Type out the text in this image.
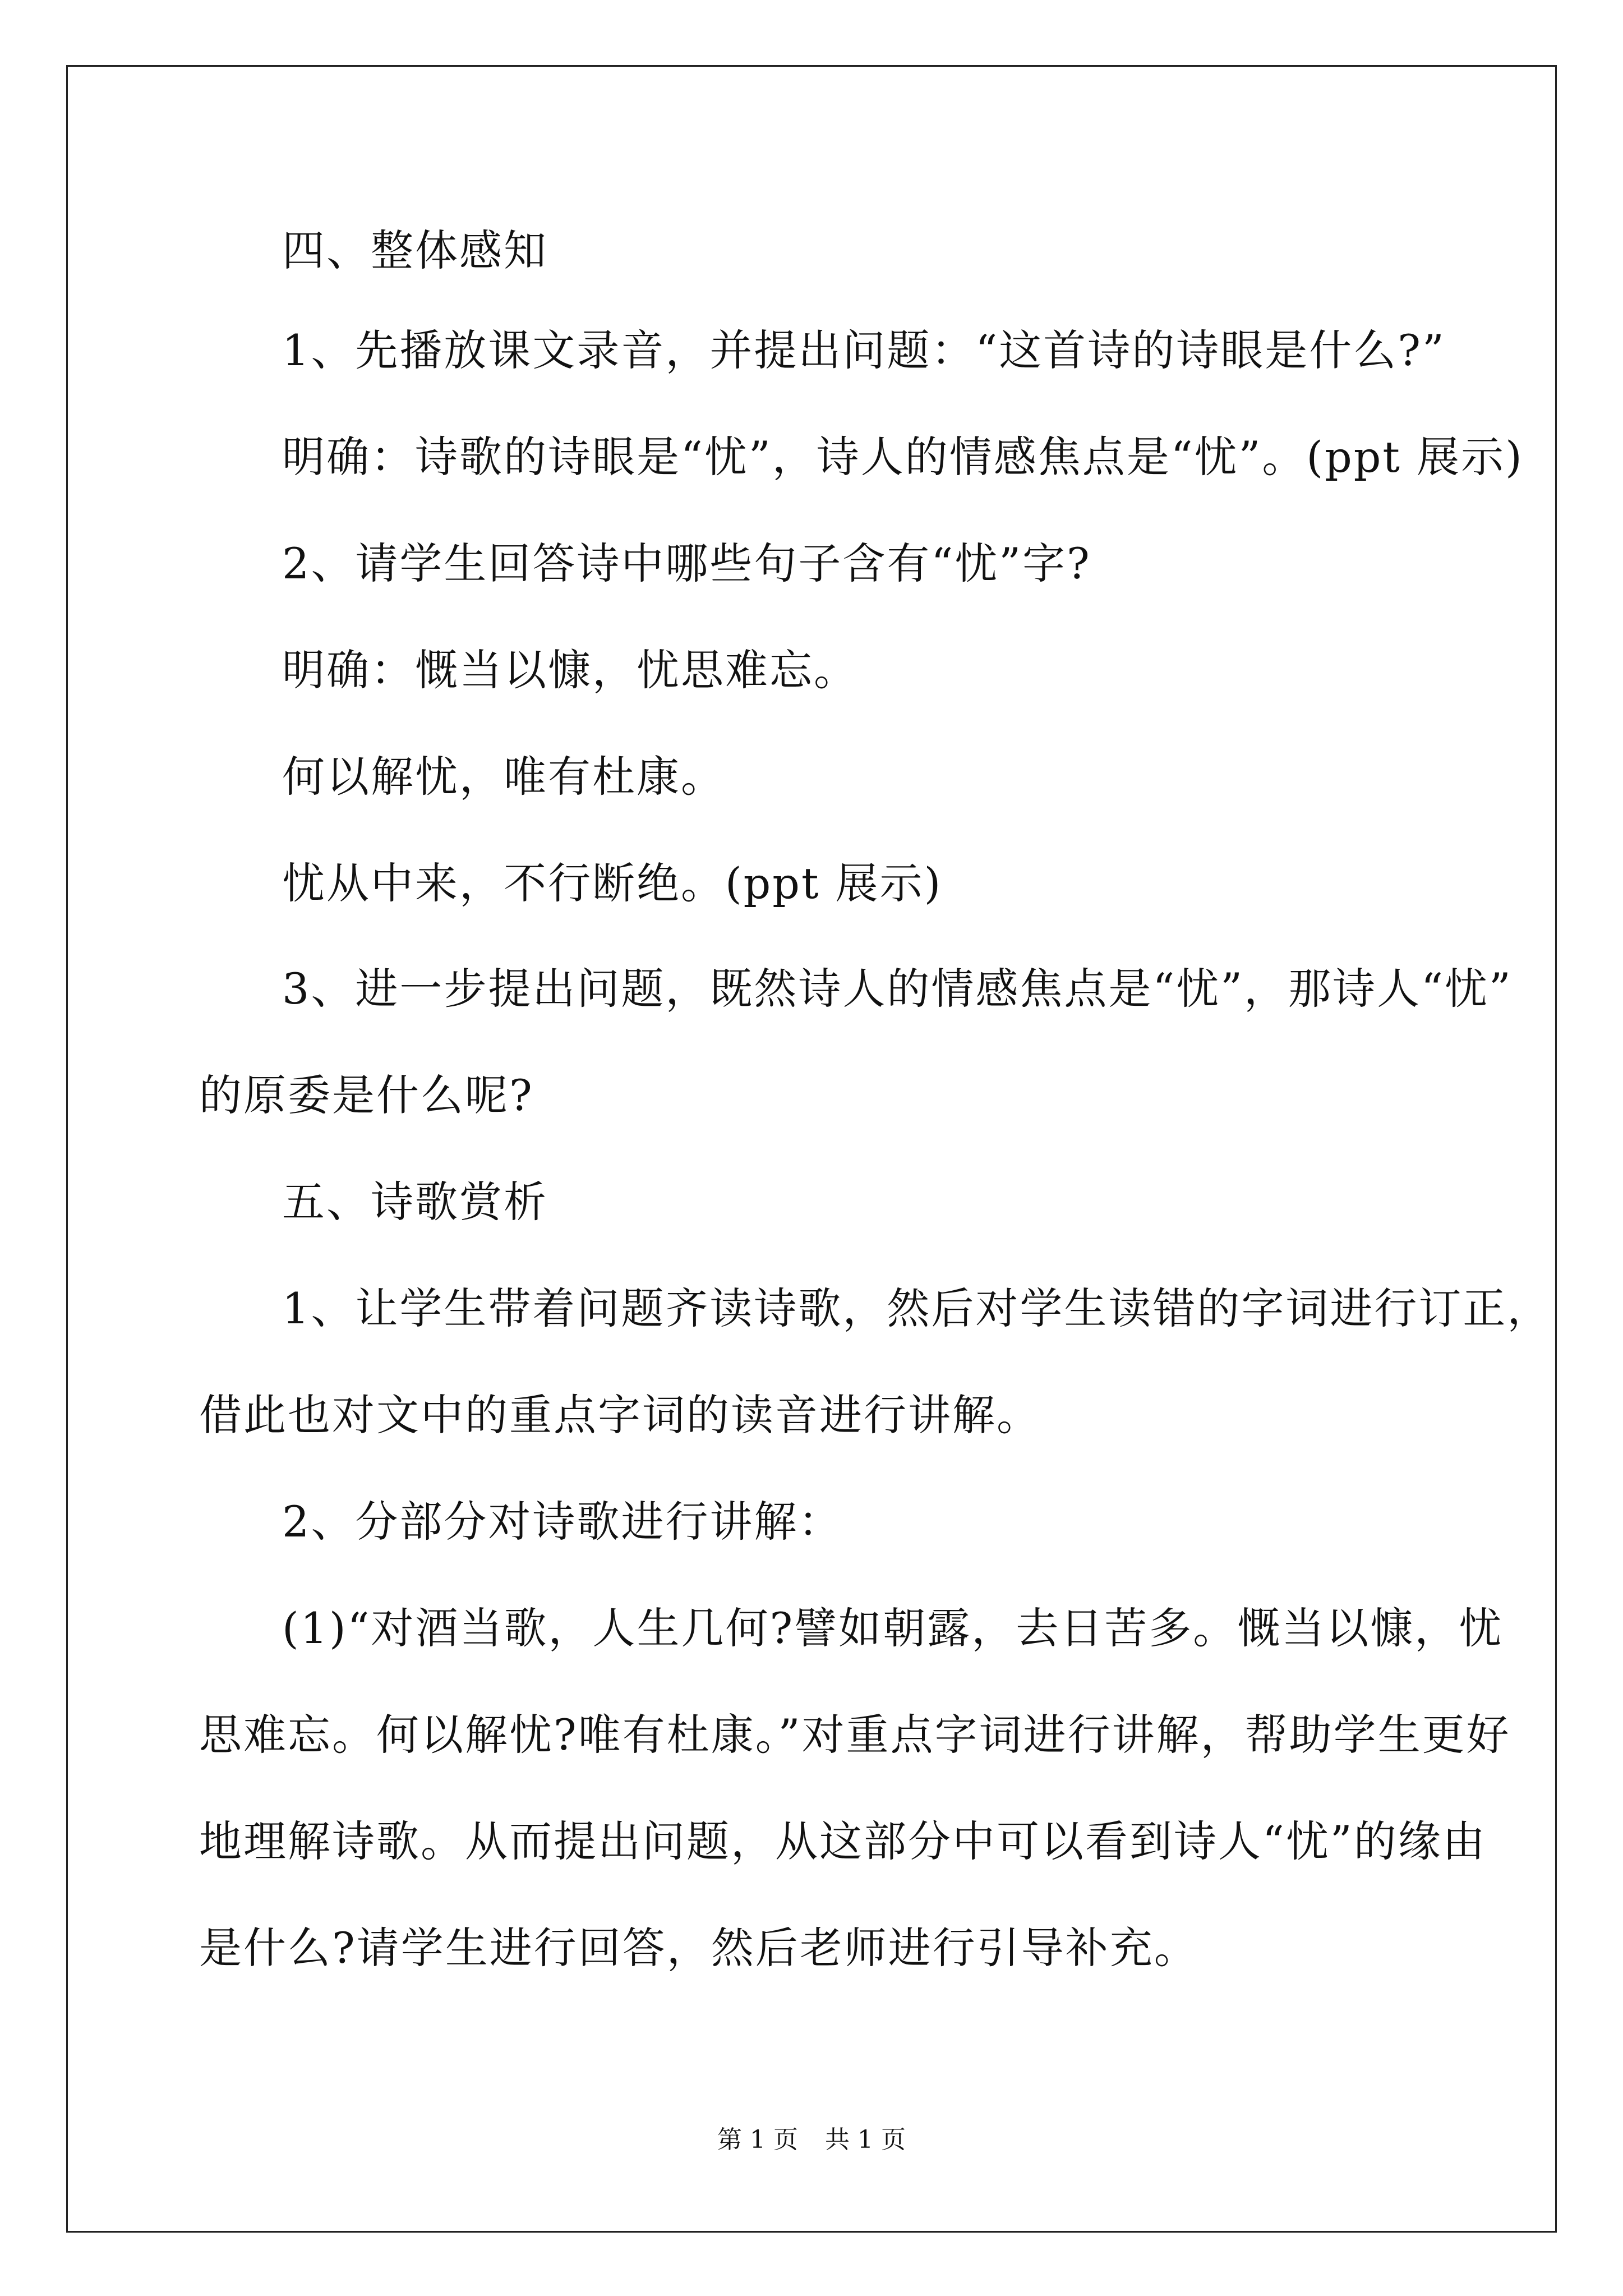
四、整体感知
1、先播放课文录音，并提出问题：“这首诗的诗眼是什么?”
明确：诗歌的诗眼是“忧”，诗人的情感焦点是“忧”。(ppt 展示)
2、请学生回答诗中哪些句子含有“忧”字?
明确：慨当以慷，忧思难忘。
何以解忧，唯有杜康。
忧从中来，不行断绝。(ppt 展示)
3、进一步提出问题，既然诗人的情感焦点是“忧”，那诗人“忧”
的原委是什么呢?
五、诗歌赏析
1、让学生带着问题齐读诗歌，然后对学生读错的字词进行订正，
借此也对文中的重点字词的读音进行讲解。
2、分部分对诗歌进行讲解：
(1)“对酒当歌，人生几何?譬如朝露，去日苦多。慨当以慷，忧
思难忘。何以解忧?唯有杜康。”对重点字词进行讲解，帮助学生更好
地理解诗歌。从而提出问题，从这部分中可以看到诗人“忧”的缘由
是什么?请学生进行回答，然后老师进行引导补充。
第 1 页 共 1 页
